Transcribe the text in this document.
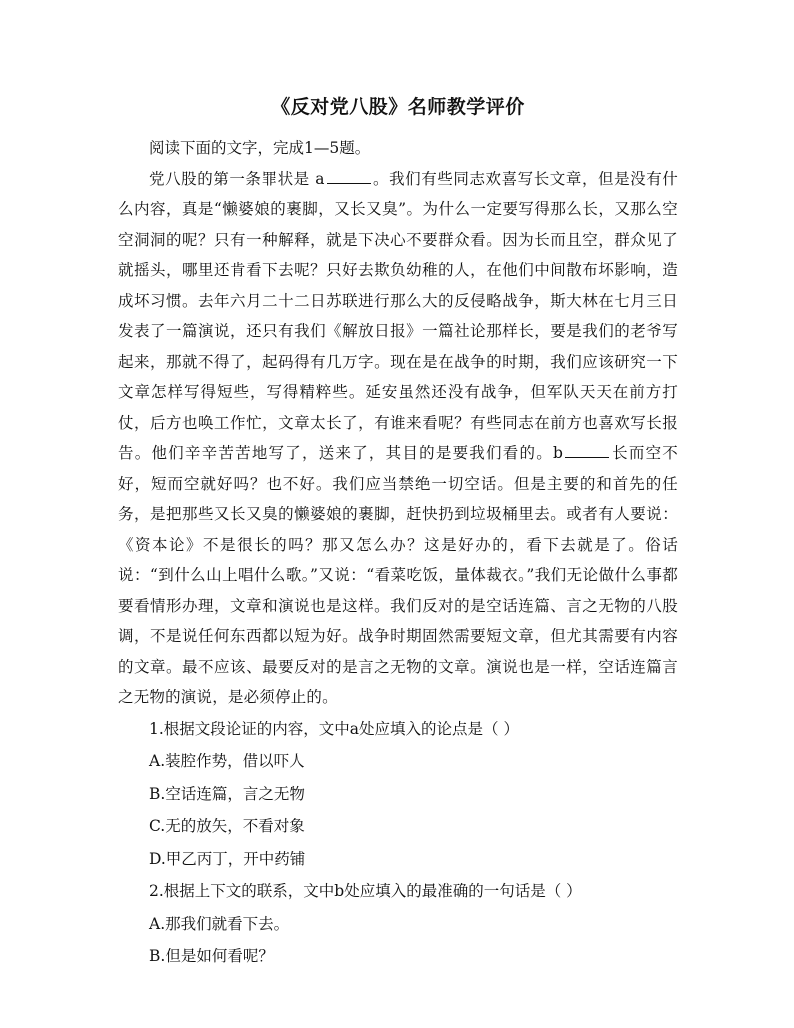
《反对党八股》名师教学评价

阅读下面的文字，完成1—5题。

党八股的第一条罪状是 a	。我们有些同志欢喜写长文章，但是没有什么内容，真是“懒婆娘的裹脚，又长又臭”。为什么一定要写得那么长，又那么空空洞洞的呢？只有一种解释，就是下决心不要群众看。因为长而且空，群众见了就摇头，哪里还肯看下去呢？只好去欺负幼稚的人，在他们中间散布坏影响，造成坏习惯。去年六月二十二日苏联进行那么大的反侵略战争，斯大林在七月三日发表了一篇演说，还只有我们《解放日报》一篇社论那样长，要是我们的老爷写起来，那就不得了，起码得有几万字。现在是在战争的时期，我们应该研究一下文章怎样写得短些，写得精粹些。延安虽然还没有战争，但军队天天在前方打仗，后方也唤工作忙，文章太长了，有谁来看呢？有些同志在前方也喜欢写长报告。他们辛辛苦苦地写了，送来了，其目的是要我们看的。b	长而空不好，短而空就好吗？也不好。我们应当禁绝一切空话。但是主要的和首先的任务，是把那些又长又臭的懒婆娘的裹脚，赶快扔到垃圾桶里去。或者有人要说：《资本论》不是很长的吗？那又怎么办？这是好办的，看下去就是了。俗话说：“到什么山上唱什么歌。”又说：“看菜吃饭，量体裁衣。”我们无论做什么事都要看情形办理，文章和演说也是这样。我们反对的是空话连篇、言之无物的八股调，不是说任何东西都以短为好。战争时期固然需要短文章，但尤其需要有内容的文章。最不应该、最要反对的是言之无物的文章。演说也是一样，空话连篇言之无物的演说，是必须停止的。

1.根据文段论证的内容，文中a处应填入的论点是（ ）

A.装腔作势，借以吓人

B.空话连篇，言之无物

C.无的放矢，不看对象

D.甲乙丙丁，开中药铺

2.根据上下文的联系，文中b处应填入的最准确的一句话是（ ）

A.那我们就看下去。

B.但是如何看呢？
